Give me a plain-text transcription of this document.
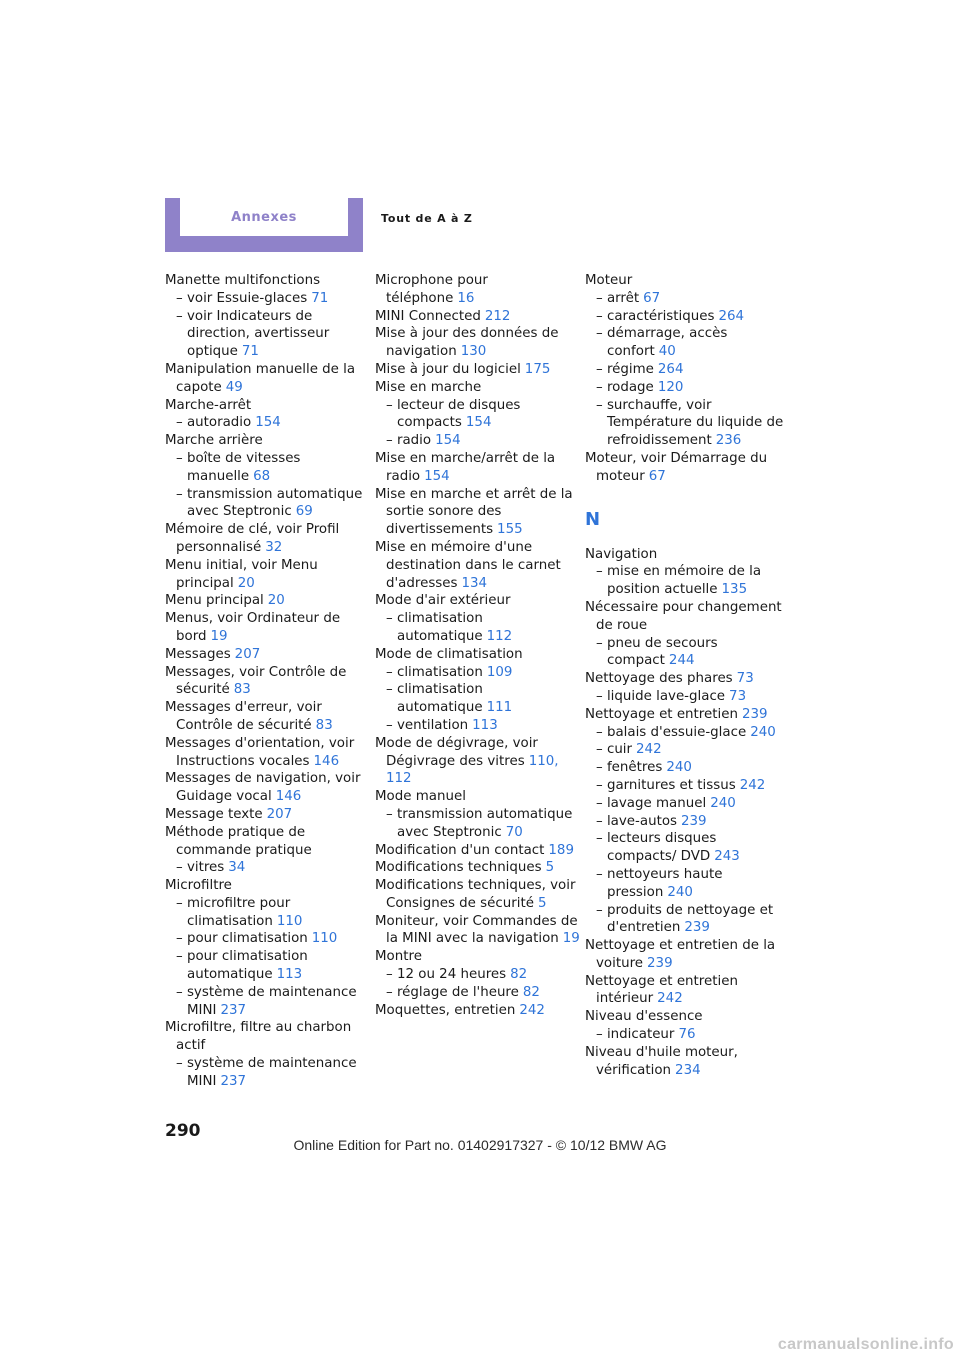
Annexes	Tout de A à Z

Manette multifonctions

– voir Essuie-glaces 71

– voir Indicateurs de direction, avertisseur optique 71

Manipulation manuelle de la capote 49

Marche-arrêt

– autoradio 154

Marche arrière

– boîte de vitesses manuelle 68

– transmission automatique avec Steptronic 69

Mémoire de clé, voir Profil personnalisé 32

Menu initial, voir Menu principal 20

Menu principal 20

Menus, voir Ordinateur de bord 19

Messages 207

Messages, voir Contrôle de sécurité 83

Messages d'erreur, voir Contrôle de sécurité 83

Messages d'orientation, voir Instructions vocales 146

Messages de navigation, voir Guidage vocal 146

Message texte 207

Méthode pratique de commande pratique

– vitres 34

Microfiltre

– microfiltre pour climatisation 110

– pour climatisation 110

– pour climatisation automatique 113

– système de maintenance MINI 237

Microfiltre, filtre au charbon actif

– système de maintenance MINI 237

Microphone pour téléphone 16

MINI Connected 212

Mise à jour des données de navigation 130

Mise à jour du logiciel 175

Mise en marche

– lecteur de disques compacts 154

– radio 154

Mise en marche/arrêt de la radio 154

Mise en marche et arrêt de la sortie sonore des divertissements 155

Mise en mémoire d'une destination dans le carnet d'adresses 134

Mode d'air extérieur

– climatisation automatique 112

Mode de climatisation

– climatisation 109

– climatisation automatique 111

– ventilation 113

Mode de dégivrage, voir Dégivrage des vitres 110, 112

Mode manuel

– transmission automatique avec Steptronic 70

Modification d'un contact 189

Modifications techniques 5

Modifications techniques, voir Consignes de sécurité 5

Moniteur, voir Commandes de la MINI avec la navigation 19

Montre

– 12 ou 24 heures 82

– réglage de l'heure 82

Moquettes, entretien 242

Moteur

– arrêt 67

– caractéristiques 264

– démarrage, accès confort 40

– régime 264

– rodage 120

– surchauffe, voir Température du liquide de refroidissement 236

Moteur, voir Démarrage du moteur 67

N

Navigation

– mise en mémoire de la position actuelle 135

Nécessaire pour changement de roue

– pneu de secours compact 244

Nettoyage des phares 73

– liquide lave-glace 73

Nettoyage et entretien 239

– balais d'essuie-glace 240

– cuir 242

– fenêtres 240

– garnitures et tissus 242

– lavage manuel 240

– lave-autos 239

– lecteurs disques compacts/ DVD 243

– nettoyeurs haute pression 240

– produits de nettoyage et d'entretien 239

Nettoyage et entretien de la voiture 239

Nettoyage et entretien intérieur 242

Niveau d'essence

– indicateur 76

Niveau d'huile moteur, vérification 234

290
Online Edition for Part no. 01402917327 - © 10/12 BMW AG
carmanualsonline.info
